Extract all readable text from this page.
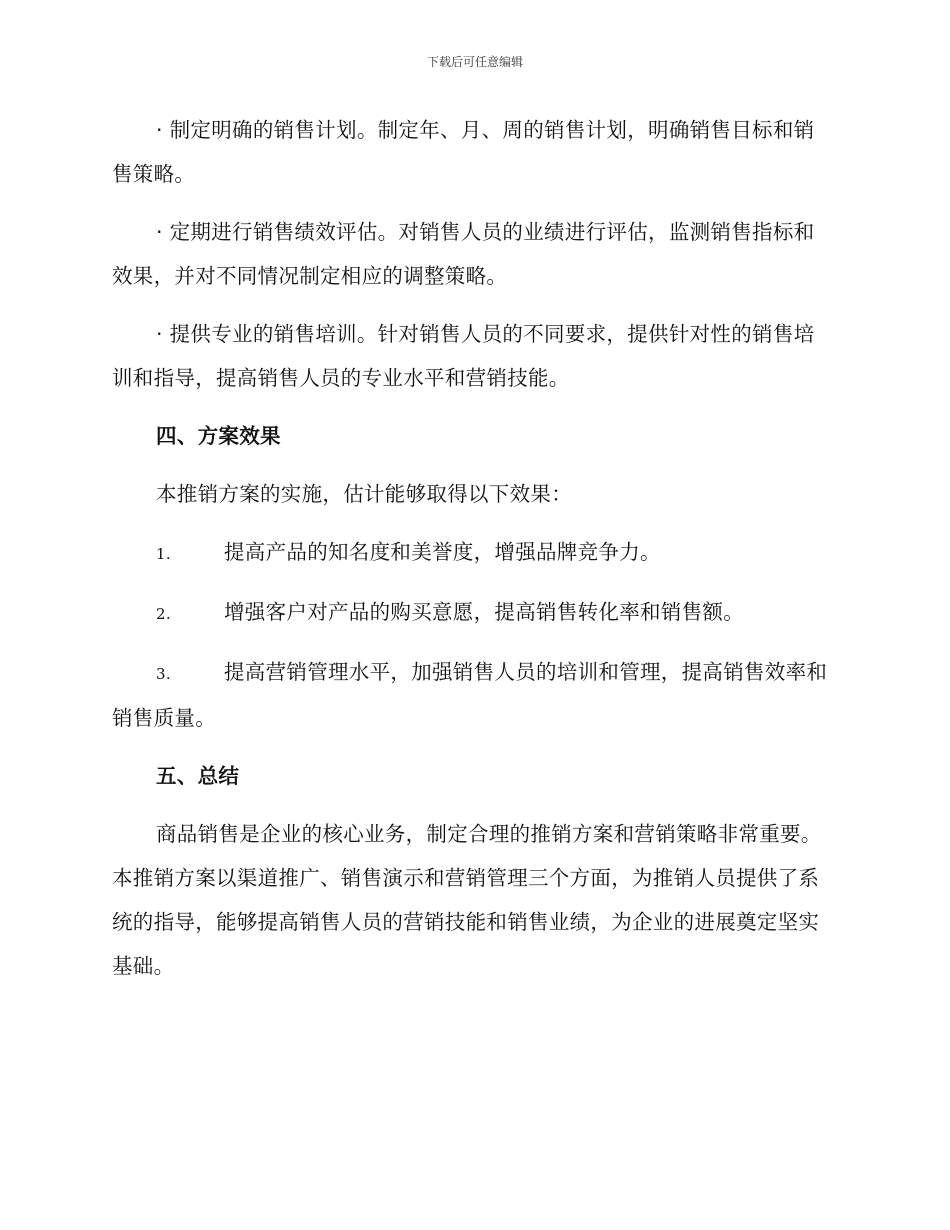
下载后可任意编辑

· 制定明确的销售计划。制定年、月、周的销售计划，明确销售目标和销售策略。

· 定期进行销售绩效评估。对销售人员的业绩进行评估，监测销售指标和效果，并对不同情况制定相应的调整策略。

· 提供专业的销售培训。针对销售人员的不同要求，提供针对性的销售培训和指导，提高销售人员的专业水平和营销技能。

四、方案效果

本推销方案的实施，估计能够取得以下效果：

1.	提高产品的知名度和美誉度，增强品牌竞争力。
2.	增强客户对产品的购买意愿，提高销售转化率和销售额。
3.	提高营销管理水平，加强销售人员的培训和管理，提高销售效率和销售质量。
五、总结

商品销售是企业的核心业务，制定合理的推销方案和营销策略非常重要。本推销方案以渠道推广、销售演示和营销管理三个方面，为推销人员提供了系统的指导，能够提高销售人员的营销技能和销售业绩，为企业的进展奠定坚实基础。
